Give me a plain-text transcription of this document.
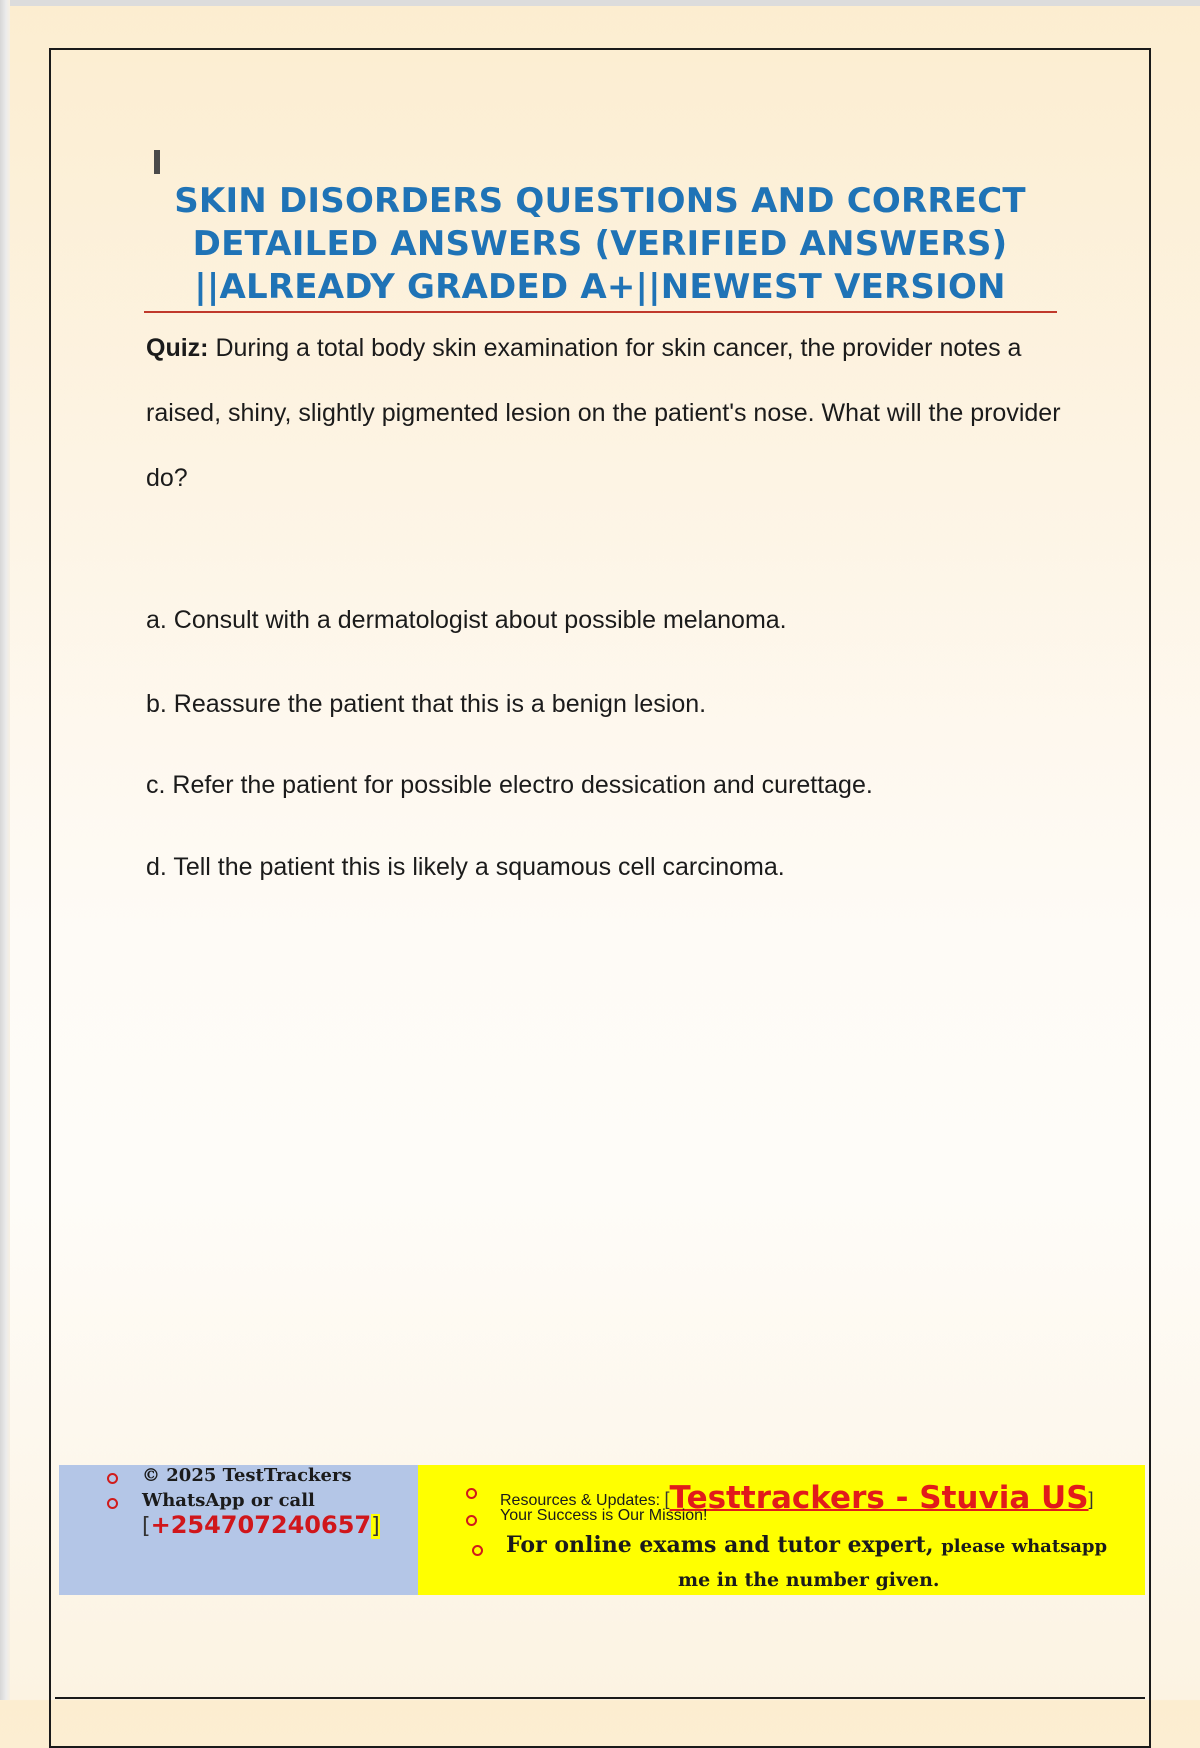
SKIN DISORDERS QUESTIONS AND CORRECT
DETAILED ANSWERS (VERIFIED ANSWERS)
||ALREADY GRADED A+||NEWEST VERSION
Quiz: During a total body skin examination for skin cancer, the provider notes a raised, shiny, slightly pigmented lesion on the patient's nose. What will the provider do?
a. Consult with a dermatologist about possible melanoma.
b. Reassure the patient that this is a benign lesion.
c. Refer the patient for possible electro dessication and curettage.
d. Tell the patient this is likely a squamous cell carcinoma.
© 2025 TestTrackers
WhatsApp or call
[+254707240657]
Resources & Updates: [Testtrackers - Stuvia US]
Your Success is Our Mission!
For online exams and tutor expert, please whatsapp
me in the number given.
